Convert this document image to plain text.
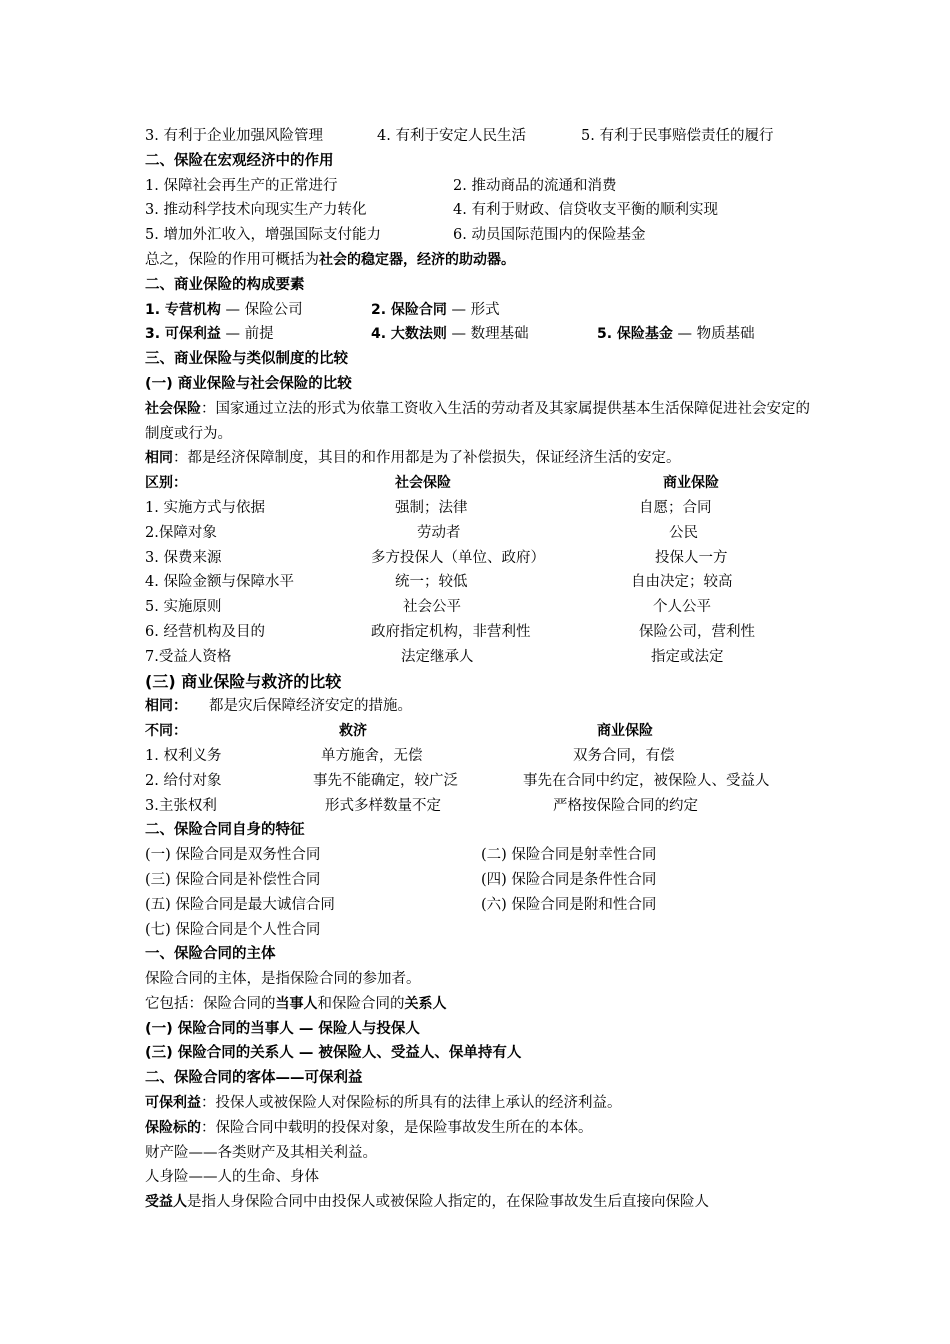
3. 有利于企业加强风险管理	4. 有利于安定人民生活	5. 有利于民事赔偿责任的履行
二、保险在宏观经济中的作用
1. 保障社会再生产的正常进行	2. 推动商品的流通和消费
3. 推动科学技术向现实生产力转化	4. 有利于财政、信贷收支平衡的顺利实现
5. 增加外汇收入，增强国际支付能力	6. 动员国际范围内的保险基金
总之，保险的作用可概括为社会的稳定器，经济的助动器。
二、商业保险的构成要素
1. 专营机构 — 保险公司	2. 保险合同 — 形式
3. 可保利益 — 前提	4. 大数法则 — 数理基础	5. 保险基金 — 物质基础
三、商业保险与类似制度的比较
(一) 商业保险与社会保险的比较
社会保险：国家通过立法的形式为依靠工资收入生活的劳动者及其家属提供基本生活保障促进社会安定的制度或行为。
相同：都是经济保障制度，其目的和作用都是为了补偿损失，保证经济生活的安定。
区别：	社会保险	商业保险
1. 实施方式与依据	强制；法律	自愿；合同
2.保障对象	劳动者	公民
3. 保费来源	多方投保人（单位、政府）	投保人一方
4. 保险金额与保障水平	统一；较低	自由决定；较高
5. 实施原则	社会公平	个人公平
6. 经营机构及目的	政府指定机构，非营利性	保险公司，营利性
7.受益人资格	法定继承人	指定或法定
(三) 商业保险与救济的比较
相同： 都是灾后保障经济安定的措施。
不同：	救济	商业保险
1. 权利义务	单方施舍，无偿	双务合同，有偿
2. 给付对象	事先不能确定，较广泛	事先在合同中约定，被保险人、受益人
3.主张权利	形式多样数量不定	严格按保险合同的约定
二、保险合同自身的特征
(一) 保险合同是双务性合同	(二) 保险合同是射幸性合同
(三) 保险合同是补偿性合同	(四) 保险合同是条件性合同
(五) 保险合同是最大诚信合同	(六) 保险合同是附和性合同
(七) 保险合同是个人性合同
一、保险合同的主体
保险合同的主体，是指保险合同的参加者。
它包括：保险合同的当事人和保险合同的关系人
(一) 保险合同的当事人 — 保险人与投保人
(三) 保险合同的关系人 — 被保险人、受益人、保单持有人
二、保险合同的客体——可保利益
可保利益：投保人或被保险人对保险标的所具有的法律上承认的经济利益。
保险标的：保险合同中载明的投保对象，是保险事故发生所在的本体。
财产险——各类财产及其相关利益。
人身险——人的生命、身体
受益人是指人身保险合同中由投保人或被保险人指定的，在保险事故发生后直接向保险人
